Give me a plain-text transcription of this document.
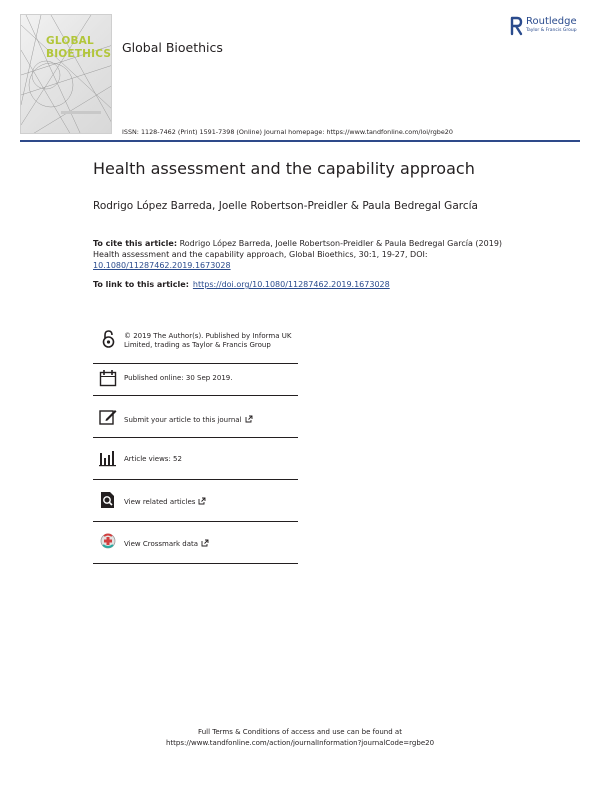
GLOBAL
BIOETHICS Global Bioethics
Routledge
Taylor & Francis Group
ISSN: 1128-7462 (Print) 1591-7398 (Online) Journal homepage: https://www.tandfonline.com/loi/rgbe20
Health assessment and the capability approach
Rodrigo López Barreda, Joelle Robertson-Preidler & Paula Bedregal García
To cite this article: Rodrigo López Barreda, Joelle Robertson-Preidler & Paula Bedregal García (2019) Health assessment and the capability approach, Global Bioethics, 30:1, 19-27, DOI:
10.1080/11287462.2019.1673028
To link to this article: https://doi.org/10.1080/11287462.2019.1673028
© 2019 The Author(s). Published by Informa UK Limited, trading as Taylor & Francis Group
Published online: 30 Sep 2019.
Submit your article to this journal
Article views: 52
View related articles
View Crossmark data
Full Terms & Conditions of access and use can be found at
https://www.tandfonline.com/action/journalInformation?journalCode=rgbe20
